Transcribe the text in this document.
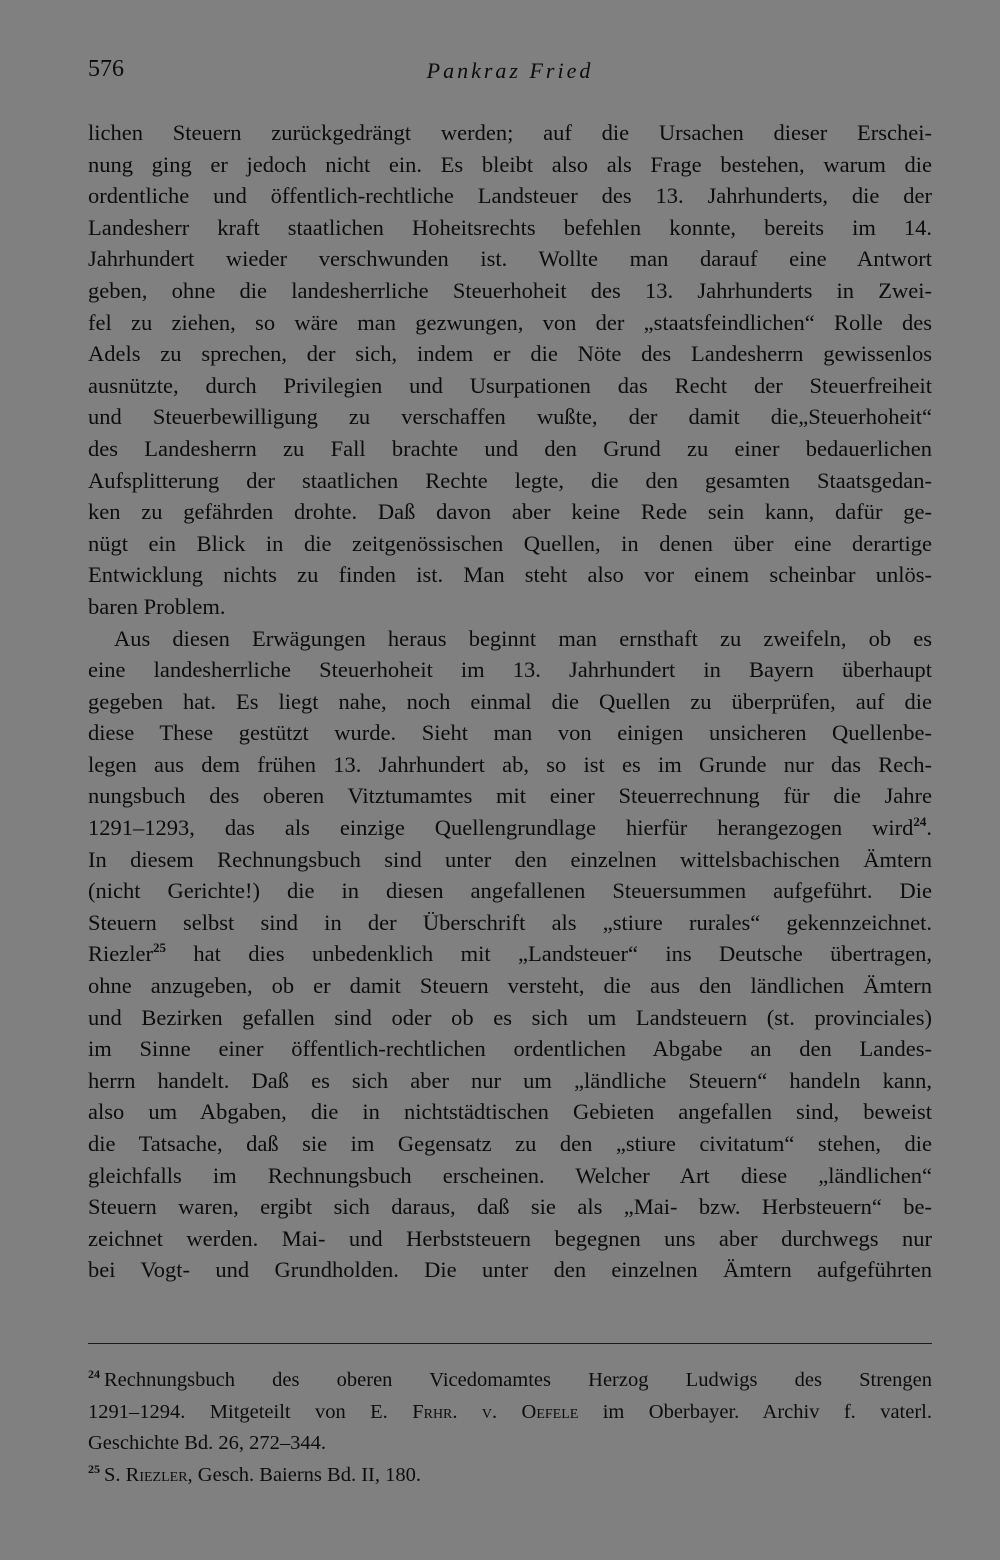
576	Pankraz Fried
lichen Steuern zurückgedrängt werden; auf die Ursachen dieser Erschei-
nung ging er jedoch nicht ein. Es bleibt also als Frage bestehen, warum die
ordentliche und öffentlich-rechtliche Landsteuer des 13. Jahrhunderts, die der
Landesherr kraft staatlichen Hoheitsrechts befehlen konnte, bereits im 14.
Jahrhundert wieder verschwunden ist. Wollte man darauf eine Antwort
geben, ohne die landesherrliche Steuerhoheit des 13. Jahrhunderts in Zwei-
fel zu ziehen, so wäre man gezwungen, von der „staatsfeindlichen“ Rolle des
Adels zu sprechen, der sich, indem er die Nöte des Landesherrn gewissenlos
ausnützte, durch Privilegien und Usurpationen das Recht der Steuerfreiheit
und Steuerbewilligung zu verschaffen wußte, der damit die„Steuerhoheit“
des Landesherrn zu Fall brachte und den Grund zu einer bedauerlichen
Aufsplitterung der staatlichen Rechte legte, die den gesamten Staatsgedan-
ken zu gefährden drohte. Daß davon aber keine Rede sein kann, dafür ge-
nügt ein Blick in die zeitgenössischen Quellen, in denen über eine derartige
Entwicklung nichts zu finden ist. Man steht also vor einem scheinbar unlös-
baren Problem.
Aus diesen Erwägungen heraus beginnt man ernsthaft zu zweifeln, ob es
eine landesherrliche Steuerhoheit im 13. Jahrhundert in Bayern überhaupt
gegeben hat. Es liegt nahe, noch einmal die Quellen zu überprüfen, auf die
diese These gestützt wurde. Sieht man von einigen unsicheren Quellenbe-
legen aus dem frühen 13. Jahrhundert ab, so ist es im Grunde nur das Rech-
nungsbuch des oberen Vitztumamtes mit einer Steuerrechnung für die Jahre
1291–1293, das als einzige Quellengrundlage hierfür herangezogen wird$^{24}$.
In diesem Rechnungsbuch sind unter den einzelnen wittelsbachischen Ämtern
(nicht Gerichte!) die in diesen angefallenen Steuersummen aufgeführt. Die
Steuern selbst sind in der Überschrift als „stiure rurales“ gekennzeichnet.
Riezler$^{25}$ hat dies unbedenklich mit „Landsteuer“ ins Deutsche übertragen,
ohne anzugeben, ob er damit Steuern versteht, die aus den ländlichen Ämtern
und Bezirken gefallen sind oder ob es sich um Landsteuern (st. provinciales)
im Sinne einer öffentlich-rechtlichen ordentlichen Abgabe an den Landes-
herrn handelt. Daß es sich aber nur um „ländliche Steuern“ handeln kann,
also um Abgaben, die in nichtstädtischen Gebieten angefallen sind, beweist
die Tatsache, daß sie im Gegensatz zu den „stiure civitatum“ stehen, die
gleichfalls im Rechnungsbuch erscheinen. Welcher Art diese „ländlichen“
Steuern waren, ergibt sich daraus, daß sie als „Mai- bzw. Herbsteuern“ be-
zeichnet werden. Mai- und Herbststeuern begegnen uns aber durchwegs nur
bei Vogt- und Grundholden. Die unter den einzelnen Ämtern aufgeführten
$^{24}$ Rechnungsbuch des oberen Vicedomamtes Herzog Ludwigs des Strengen
1291–1294. Mitgeteilt von E. Frhr. v. Oefele im Oberbayer. Archiv f. vaterl.
Geschichte Bd. 26, 272–344.
$^{25}$ S. Riezler, Gesch. Baierns Bd. II, 180.
